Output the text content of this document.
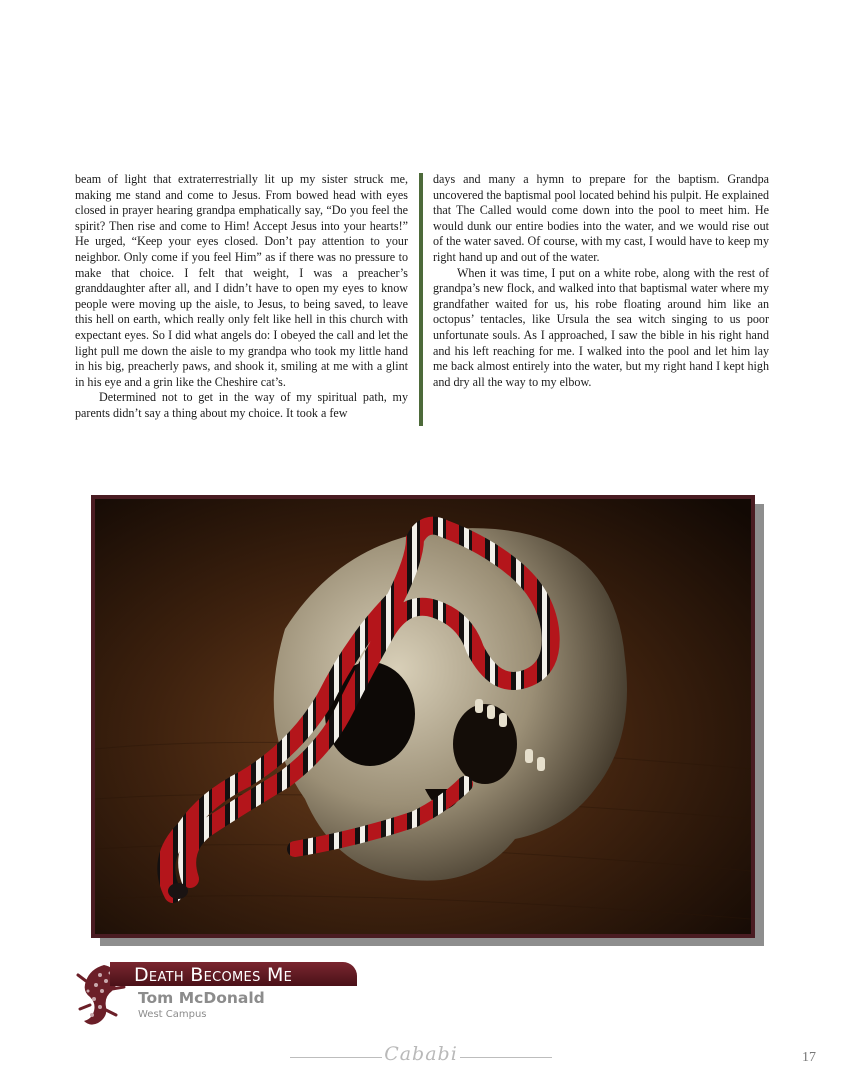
beam of light that extraterrestrially lit up my sister struck me, making me stand and come to Jesus. From bowed head with eyes closed in prayer hearing grandpa emphatically say, “Do you feel the spirit? Then rise and come to Him! Accept Jesus into your hearts!” He urged, “Keep your eyes closed. Don’t pay attention to your neighbor. Only come if you feel Him” as if there was no pressure to make that choice. I felt that weight, I was a preacher’s granddaughter after all, and I didn’t have to open my eyes to know people were moving up the aisle, to Jesus, to being saved, to leave this hell on earth, which really only felt like hell in this church with expectant eyes. So I did what angels do: I obeyed the call and let the light pull me down the aisle to my grandpa who took my little hand in his big, preacherly paws, and shook it, smiling at me with a glint in his eye and a grin like the Cheshire cat’s.

Determined not to get in the way of my spiritual path, my parents didn’t say a thing about my choice. It took a few

days and many a hymn to prepare for the baptism. Grandpa uncovered the baptismal pool located behind his pulpit. He explained that The Called would come down into the pool to meet him. He would dunk our entire bodies into the water, and we would rise out of the water saved. Of course, with my cast, I would have to keep my right hand up and out of the water.

When it was time, I put on a white robe, along with the rest of grandpa’s new flock, and walked into that baptismal water where my grandfather waited for us, his robe floating around him like an octopus’ tentacles, like Ursula the sea witch singing to us poor unfortunate souls. As I approached, I saw the bible in his right hand and his left reaching for me. I walked into the pool and let him lay me back almost entirely into the water, but my right hand I kept high and dry all the way to my elbow.

Death Becomes Me
Tom McDonald
West Campus
Cababi	17
